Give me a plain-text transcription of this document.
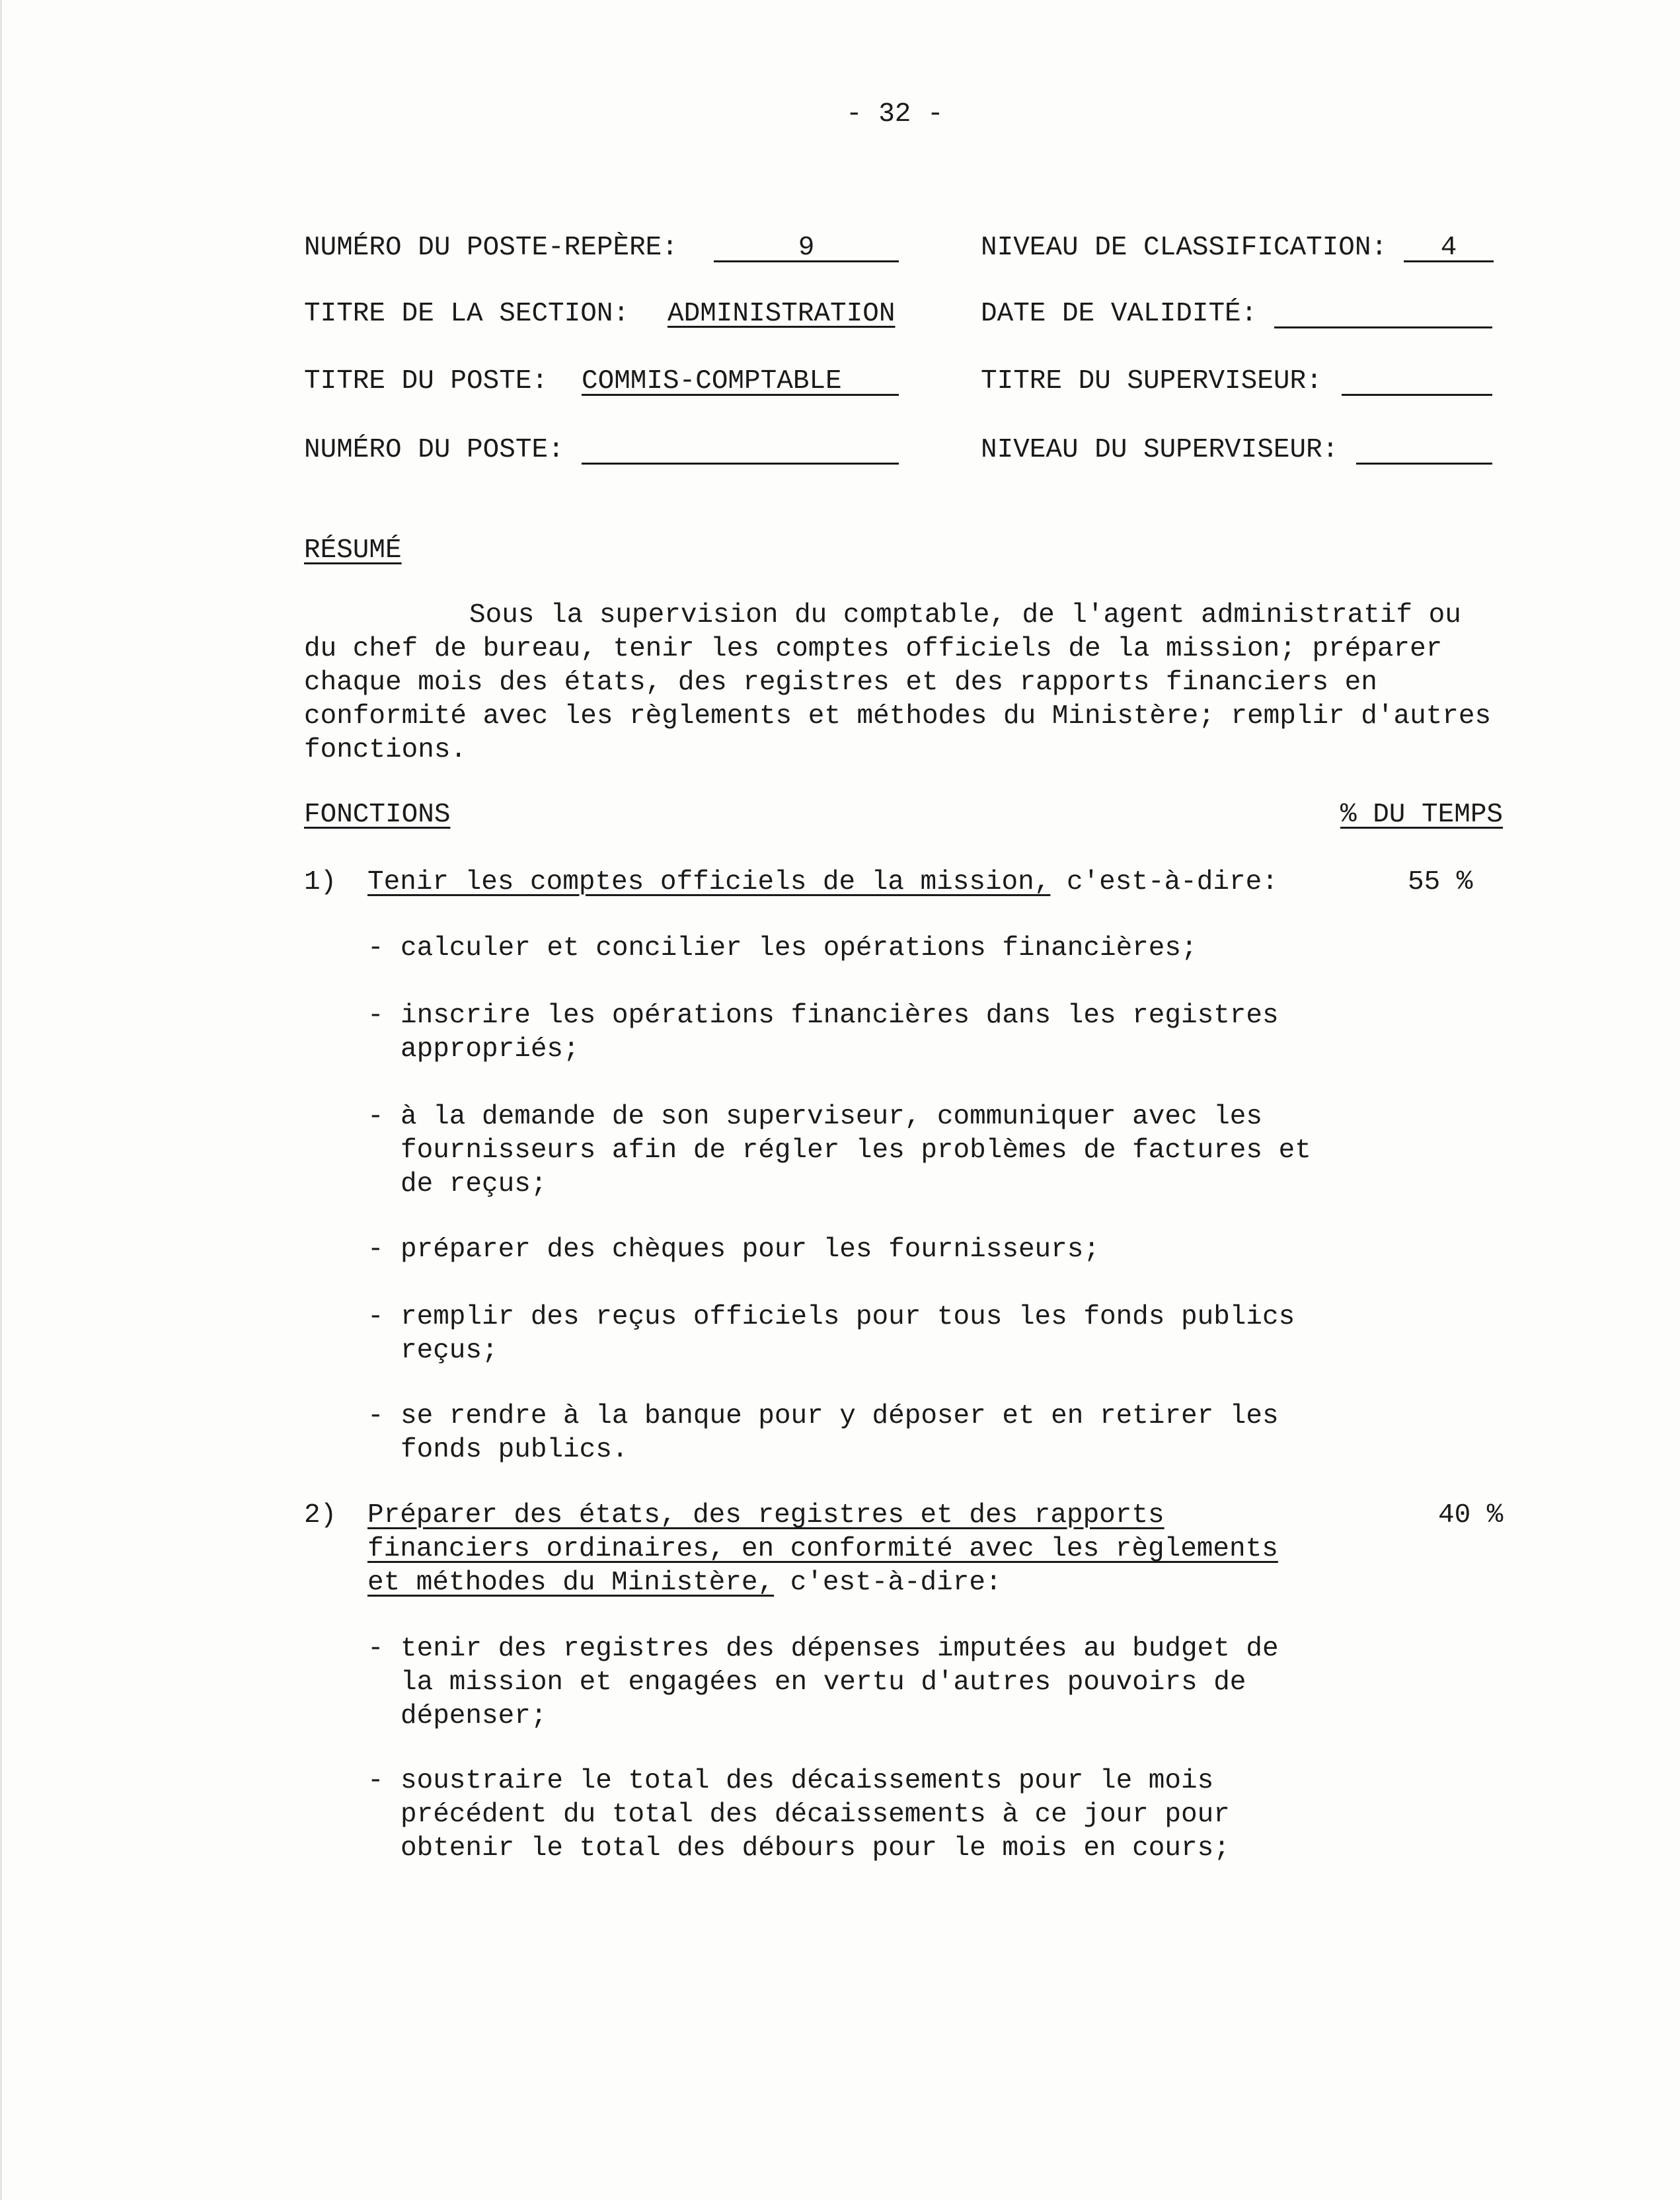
- 32 -
NUMÉRO DU POSTE-REPÈRE:	9	NIVEAU DE CLASSIFICATION:	4
TITRE DE LA SECTION: ADMINISTRATION	DATE DE VALIDITÉ:
TITRE DU POSTE: COMMIS-COMPTABLE	TITRE DU SUPERVISEUR:
NUMÉRO DU POSTE:	NIVEAU DU SUPERVISEUR:
RÉSUMÉ
Sous la supervision du comptable, de l'agent administratif ou
du chef de bureau, tenir les comptes officiels de la mission; préparer
chaque mois des états, des registres et des rapports financiers en
conformité avec les règlements et méthodes du Ministère; remplir d'autres
fonctions.
FONCTIONS	% DU TEMPS
1) Tenir les comptes officiels de la mission, c'est-à-dire:	55 %
- calculer et concilier les opérations financières;
- inscrire les opérations financières dans les registres
appropriés;
- à la demande de son superviseur, communiquer avec les
fournisseurs afin de régler les problèmes de factures et
de reçus;
- préparer des chèques pour les fournisseurs;
- remplir des reçus officiels pour tous les fonds publics
reçus;
- se rendre à la banque pour y déposer et en retirer les
fonds publics.
2) Préparer des états, des registres et des rapports
financiers ordinaires, en conformité avec les règlements
et méthodes du Ministère, c'est-à-dire:
40 %
- tenir des registres des dépenses imputées au budget de
la mission et engagées en vertu d'autres pouvoirs de
dépenser;
- soustraire le total des décaissements pour le mois
précédent du total des décaissements à ce jour pour
obtenir le total des débours pour le mois en cours;
